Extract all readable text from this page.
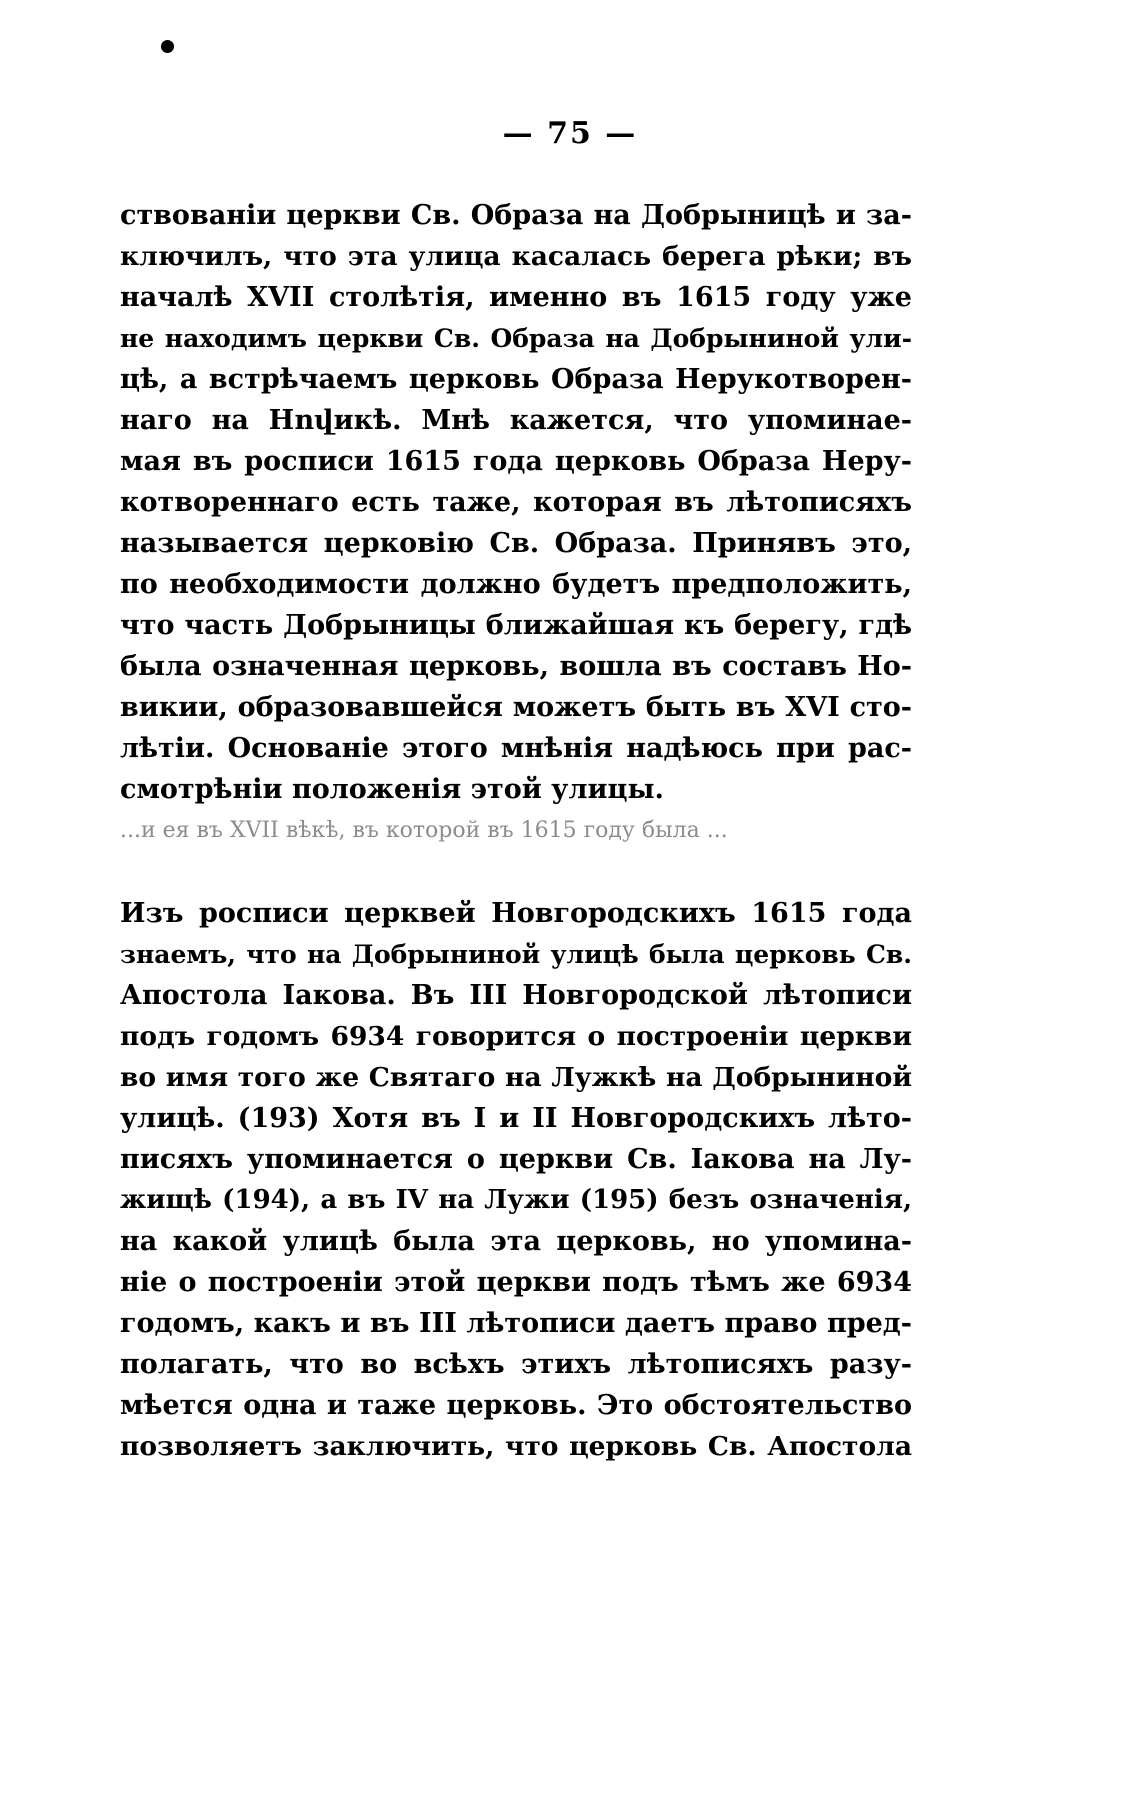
— 75 —
ствованіи церкви Св. Образа на Добрыницѣ и за-
ключилъ, что эта улица касалась берега рѣки; въ
началѣ XVII столѣтія, именно въ 1615 году уже
не находимъ церкви Св. Образа на Добрыниной ули-
цѣ, а встрѣчаемъ церковь Образа Нерукотворен-
наго на Нովикѣ. Мнѣ кажется, что упоминае-
мая въ росписи 1615 года церковь Образа Неру-
котвореннаго есть таже, которая въ лѣтописяхъ
называется церковію Св. Образа. Принявъ это,
по необходимости должно будетъ предположить,
что часть Добрыницы ближайшая къ берегу, гдѣ
была означенная церковь, вошла въ составъ Но-
викии, образовавшейся можетъ быть въ XVI сто-
лѣтіи. Основаніе этого мнѣнія надѣюсь при рас-
смотрѣніи положенія этой улицы.
...и ея въ XVII вѣкѣ, въ которой въ 1615 году была ...
Изъ росписи церквей Новгородскихъ 1615 года
знаемъ, что на Добрыниной улицѣ была церковь Св.
Апостола Іакова. Въ III Новгородской лѣтописи
подъ годомъ 6934 говорится о построеніи церкви
во имя того же Святаго на Лужкѣ на Добрыниной
улицѣ. (193) Хотя въ I и II Новгородскихъ лѣто-
писяхъ упоминается о церкви Св. Іакова на Лу-
жищѣ (194), а въ IV на Лужи (195) безъ означенія,
на какой улицѣ была эта церковь, но упомина-
ніе о построеніи этой церкви подъ тѣмъ же 6934
годомъ, какъ и въ III лѣтописи даетъ право пред-
полагать, что во всѣхъ этихъ лѣтописяхъ разу-
мѣется одна и таже церковь. Это обстоятельство
позволяетъ заключить, что церковь Св. Апостола
